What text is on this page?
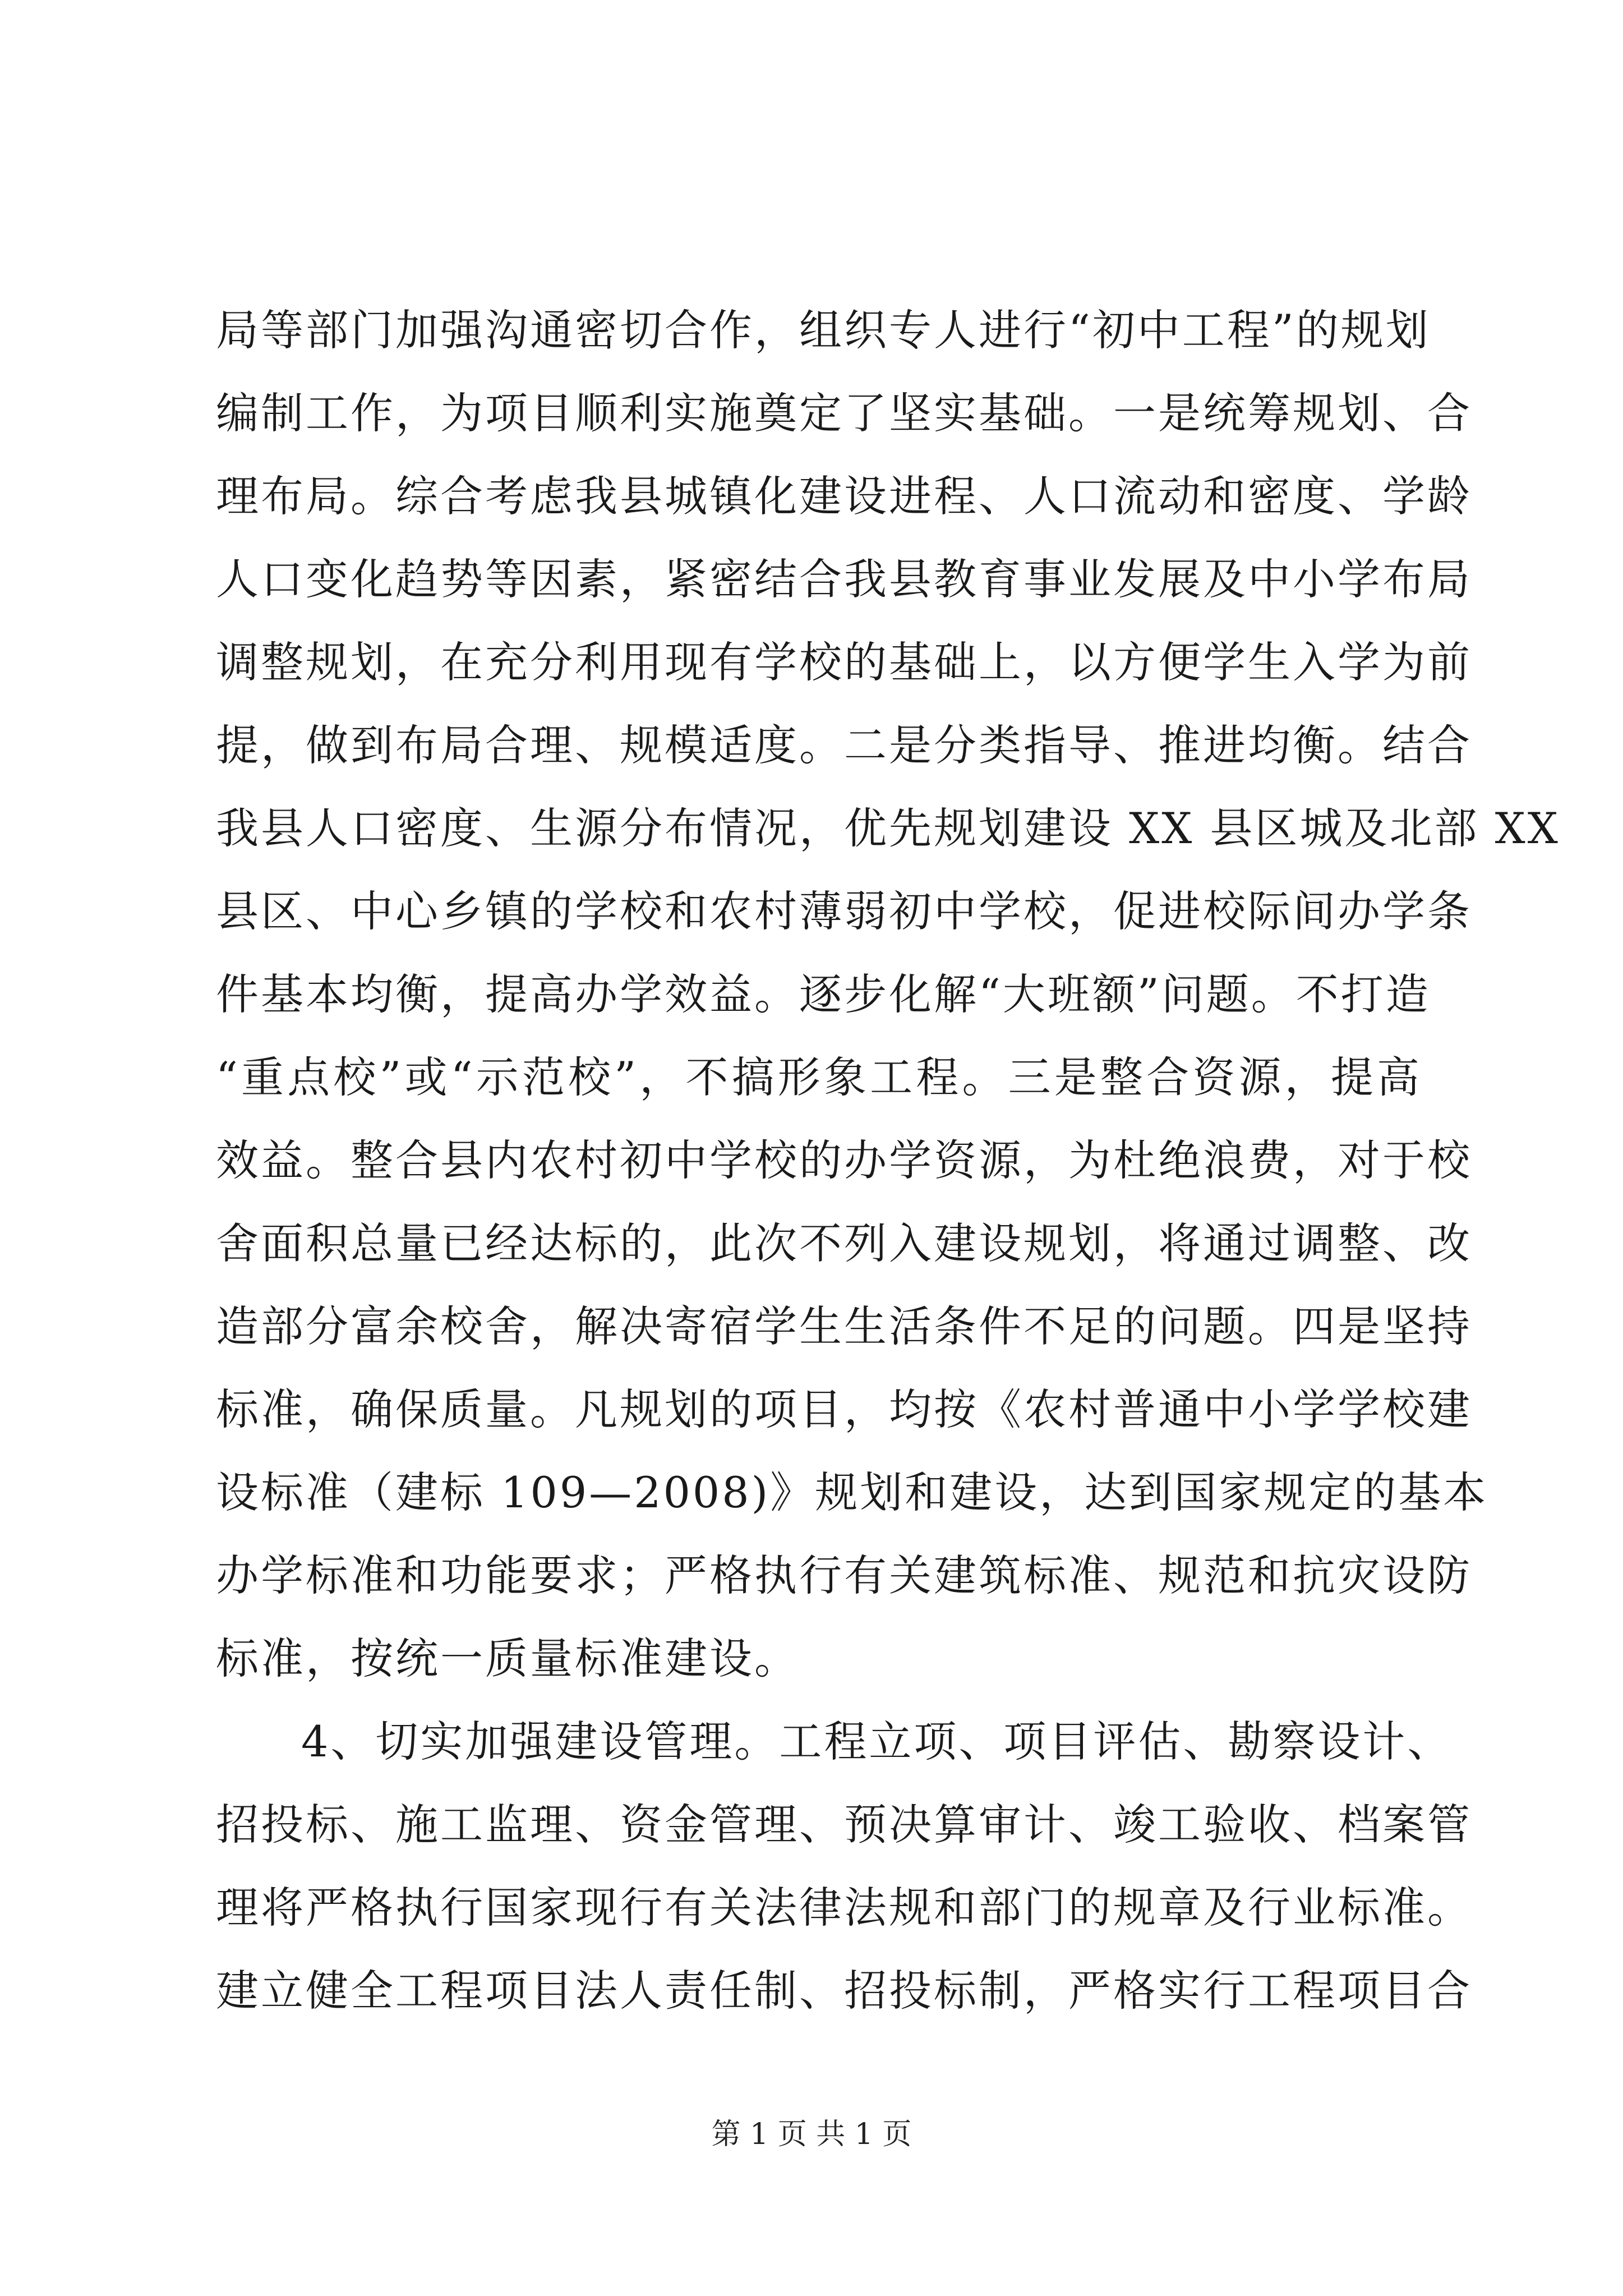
局等部门加强沟通密切合作，组织专人进行“初中工程”的规划
编制工作，为项目顺利实施奠定了坚实基础。一是统筹规划、合
理布局。综合考虑我县城镇化建设进程、人口流动和密度、学龄
人口变化趋势等因素，紧密结合我县教育事业发展及中小学布局
调整规划，在充分利用现有学校的基础上，以方便学生入学为前
提，做到布局合理、规模适度。二是分类指导、推进均衡。结合
我县人口密度、生源分布情况，优先规划建设 XX 县区城及北部 XX
县区、中心乡镇的学校和农村薄弱初中学校，促进校际间办学条
件基本均衡，提高办学效益。逐步化解“大班额”问题。不打造
“重点校”或“示范校”，不搞形象工程。三是整合资源，提高
效益。整合县内农村初中学校的办学资源，为杜绝浪费，对于校
舍面积总量已经达标的，此次不列入建设规划，将通过调整、改
造部分富余校舍，解决寄宿学生生活条件不足的问题。四是坚持
标准，确保质量。凡规划的项目，均按《农村普通中小学学校建
设标准（建标 109—2008)》规划和建设，达到国家规定的基本
办学标准和功能要求；严格执行有关建筑标准、规范和抗灾设防
标准，按统一质量标准建设。
4、切实加强建设管理。工程立项、项目评估、勘察设计、
招投标、施工监理、资金管理、预决算审计、竣工验收、档案管
理将严格执行国家现行有关法律法规和部门的规章及行业标准。
建立健全工程项目法人责任制、招投标制，严格实行工程项目合
第 1 页 共 1 页
